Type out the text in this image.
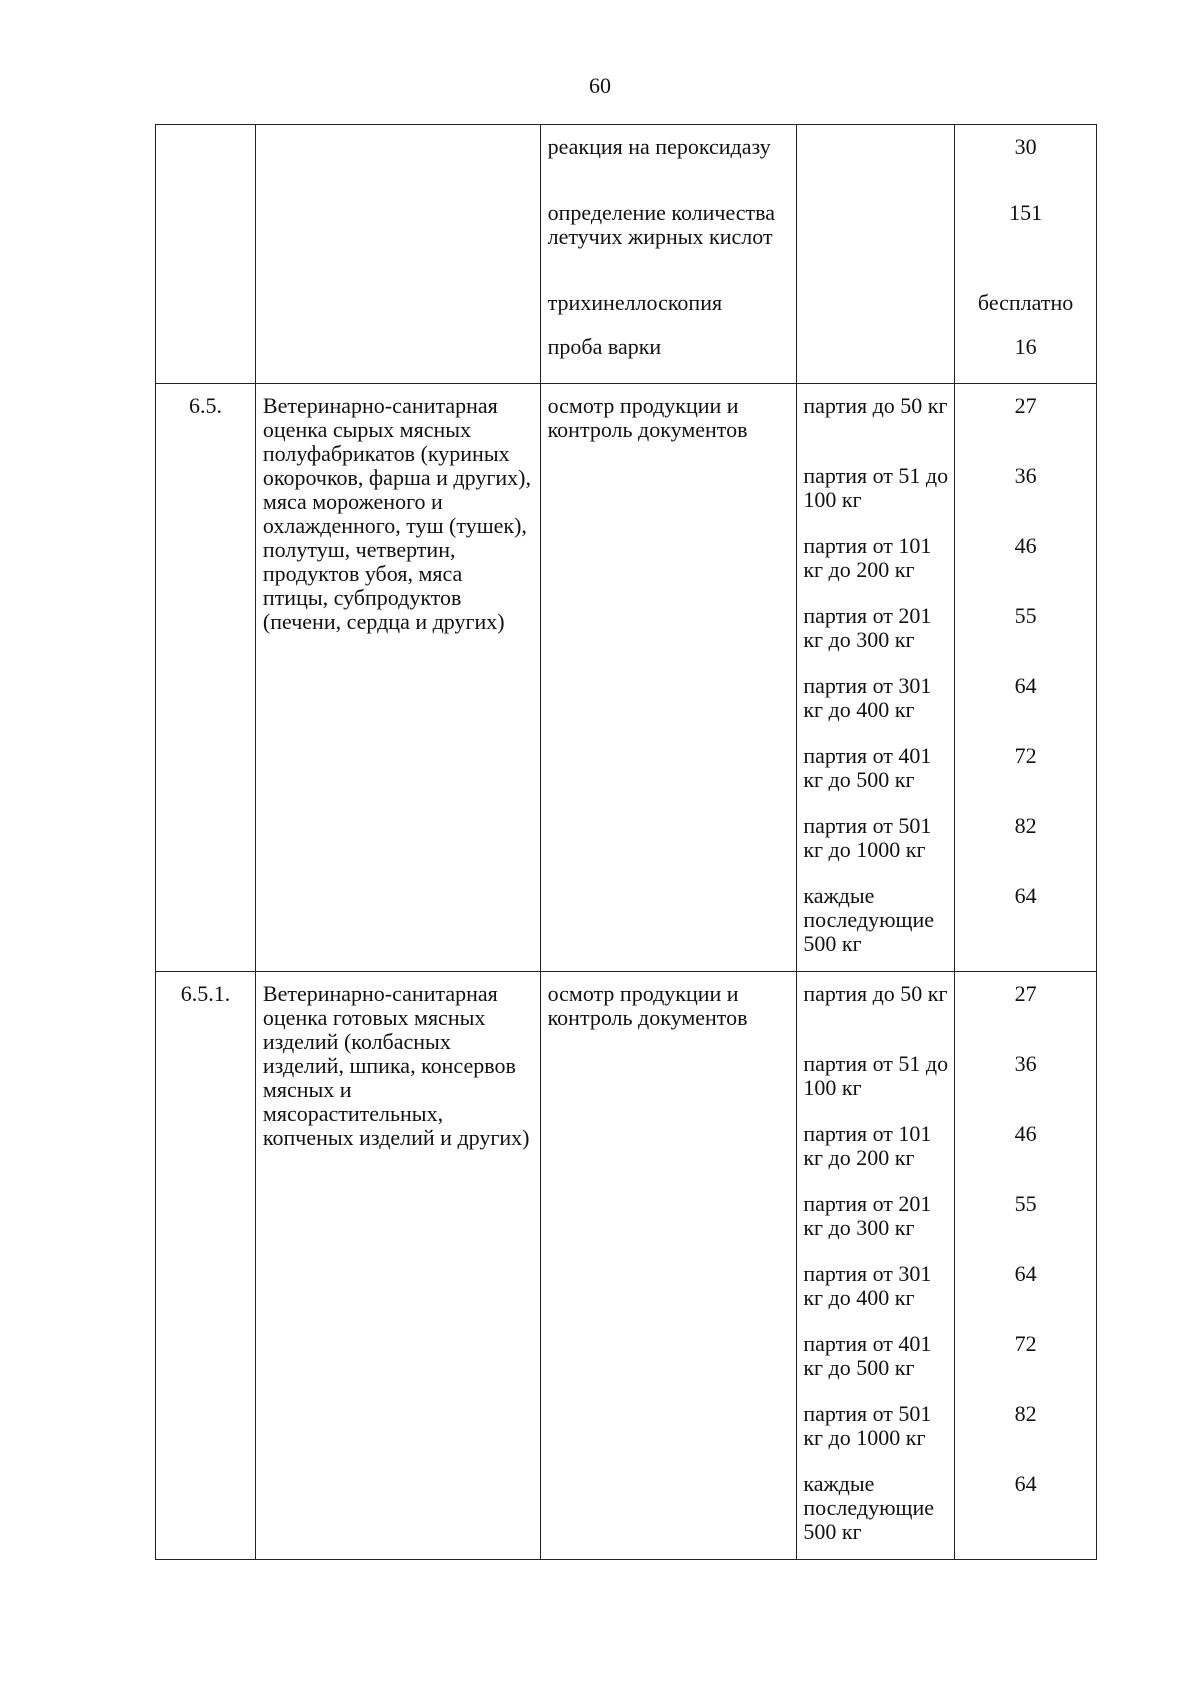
60
реакция на пероксидазу
определение количества летучих жирных кислот
трихинеллоскопия
проба варки
30
151
бесплатно
16
6.5.	Ветеринарно-санитарная оценка сырых мясных полуфабрикатов (куриных окорочков, фарша и других), мяса мороженого и охлажденного, туш (тушек), полутуш, четвертин, продуктов убоя, мяса птицы, субпродуктов (печени, сердца и других)
осмотр продукции и контроль документов
партия до 50 кг
партия от 51 до 100 кг
партия от 101 кг до 200 кг
партия от 201 кг до 300 кг
партия от 301 кг до 400 кг
партия от 401 кг до 500 кг
партия от 501 кг до 1000 кг
каждые последующие 500 кг
27
36
46
55
64
72
82
64
6.5.1.	Ветеринарно-санитарная оценка готовых мясных изделий (колбасных изделий, шпика, консервов мясных и мясорастительных, копченых изделий и других)
осмотр продукции и контроль документов
партия до 50 кг
партия от 51 до 100 кг
партия от 101 кг до 200 кг
партия от 201 кг до 300 кг
партия от 301 кг до 400 кг
партия от 401 кг до 500 кг
партия от 501 кг до 1000 кг
каждые последующие 500 кг
27
36
46
55
64
72
82
64
